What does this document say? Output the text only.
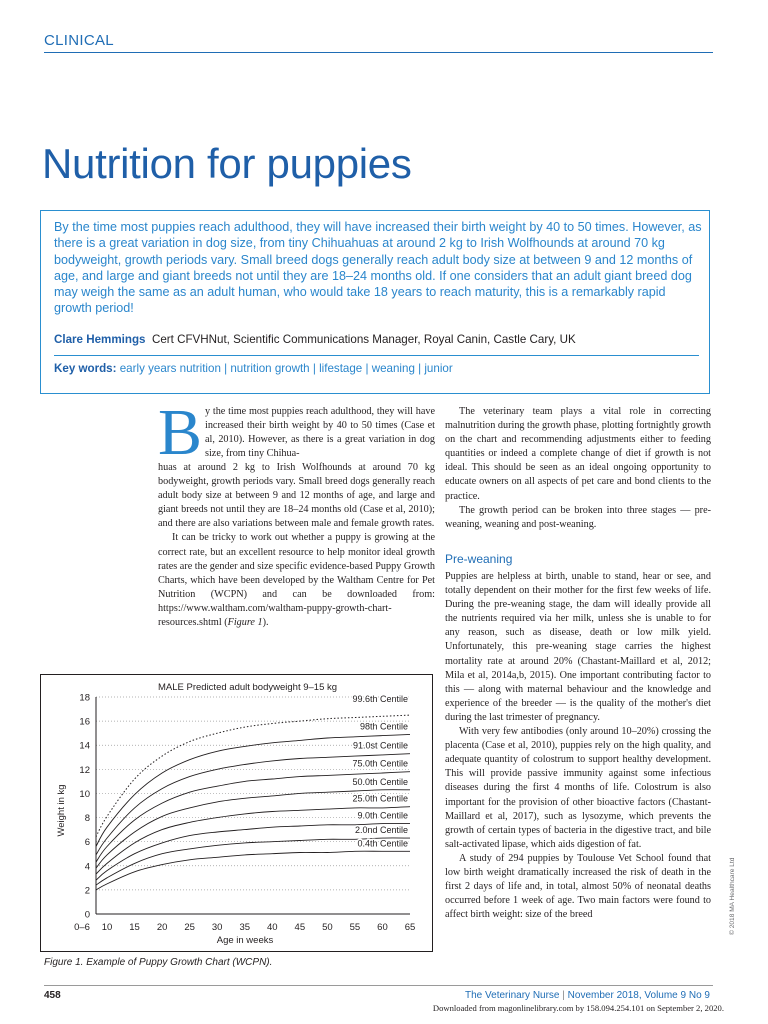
CLINICAL
Nutrition for puppies
By the time most puppies reach adulthood, they will have increased their birth weight by 40 to 50 times. However, as there is a great variation in dog size, from tiny Chihuahuas at around 2 kg to Irish Wolfhounds at around 70 kg bodyweight, growth periods vary. Small breed dogs generally reach adult body size at between 9 and 12 months of age, and large and giant breeds not until they are 18–24 months old. If one considers that an adult giant breed dog may weigh the same as an adult human, who would take 18 years to reach maturity, this is a remarkably rapid growth period!
Clare Hemmings Cert CFVHNut, Scientific Communications Manager, Royal Canin, Castle Cary, UK
Key words: early years nutrition | nutrition growth | lifestage | weaning | junior
B y the time most puppies reach adulthood, they will have increased their birth weight by 40 to 50 times (Case et al, 2010). However, as there is a great variation in dog size, from tiny Chihua-

huas at around 2 kg to Irish Wolfhounds at around 70 kg bodyweight, growth periods vary. Small breed dogs generally reach adult body size at between 9 and 12 months of age, and large and giant breeds not until they are 18–24 months old (Case et al, 2010); and there are also variations between male and female growth rates.

It can be tricky to work out whether a puppy is growing at the correct rate, but an excellent resource to help monitor ideal growth rates are the gender and size specific evidence-based Puppy Growth Charts, which have been developed by the Waltham Centre for Pet Nutrition (WCPN) and can be downloaded from: https://www.waltham.com/waltham-puppy-growth-chart-resources.shtml (Figure 1).

The veterinary team plays a vital role in correcting malnutrition during the growth phase, plotting fortnightly growth on the chart and recommending adjustments either to feeding quantities or indeed a complete change of diet if growth is not ideal. This should be seen as an ideal ongoing opportunity to educate owners on all aspects of pet care and bond clients to the practice.

The growth period can be broken into three stages — pre-weaning, weaning and post-weaning.

Pre-weaning

Puppies are helpless at birth, unable to stand, hear or see, and totally dependent on their mother for the first few weeks of life. During the pre-weaning stage, the dam will ideally provide all the nutrients required via her milk, unless she is unable to for any reason, such as disease, death or low milk yield. Unfortunately, this pre-weaning stage carries the highest mortality rate at around 20% (Chastant-Maillard et al, 2012; Mila et al, 2014a,b, 2015). One important contributing factor to this — along with maternal behaviour and the knowledge and experience of the breeder — is the quality of the mother's diet during the last trimester of pregnancy.

With very few antibodies (only around 10–20%) crossing the placenta (Case et al, 2010), puppies rely on the high quality, and adequate quantity of colostrum to support healthy development. This will provide passive immunity against some infectious diseases during the first 4 months of life. Colostrum is also important for the provision of other bioactive factors (Chastant-Maillard et al, 2017), such as lysozyme, which prevents the growth of certain types of bacteria in the digestive tract, and bile salt-activated lipase, which aids digestion of fat.

A study of 294 puppies by Toulouse Vet School found that low birth weight dramatically increased the risk of death in the first 2 days of life and, in total, almost 50% of neonatal deaths occurred before 1 week of age. Two main factors were found to affect birth weight: size of the breed

MALE Predicted adult bodyweight 9–15 kg
0
2
4
6
8
10
12
14
16
18
0–6 10 15 20 25 30 35 40 45 50 55 60 65
Age in weeks
Weight in kg
99.6th Centile
98th Centile
91.0st Centile
75.0th Centile
50.0th Centile
25.0th Centile
9.0th Centile
2.0nd Centile
0.4th Centile
Figure 1. Example of Puppy Growth Chart (WCPN).
© 2018 MA Healthcare Ltd
458	The Veterinary Nurse | November 2018, Volume 9 No 9
Downloaded from magonlinelibrary.com by 158.094.254.101 on September 2, 2020.
